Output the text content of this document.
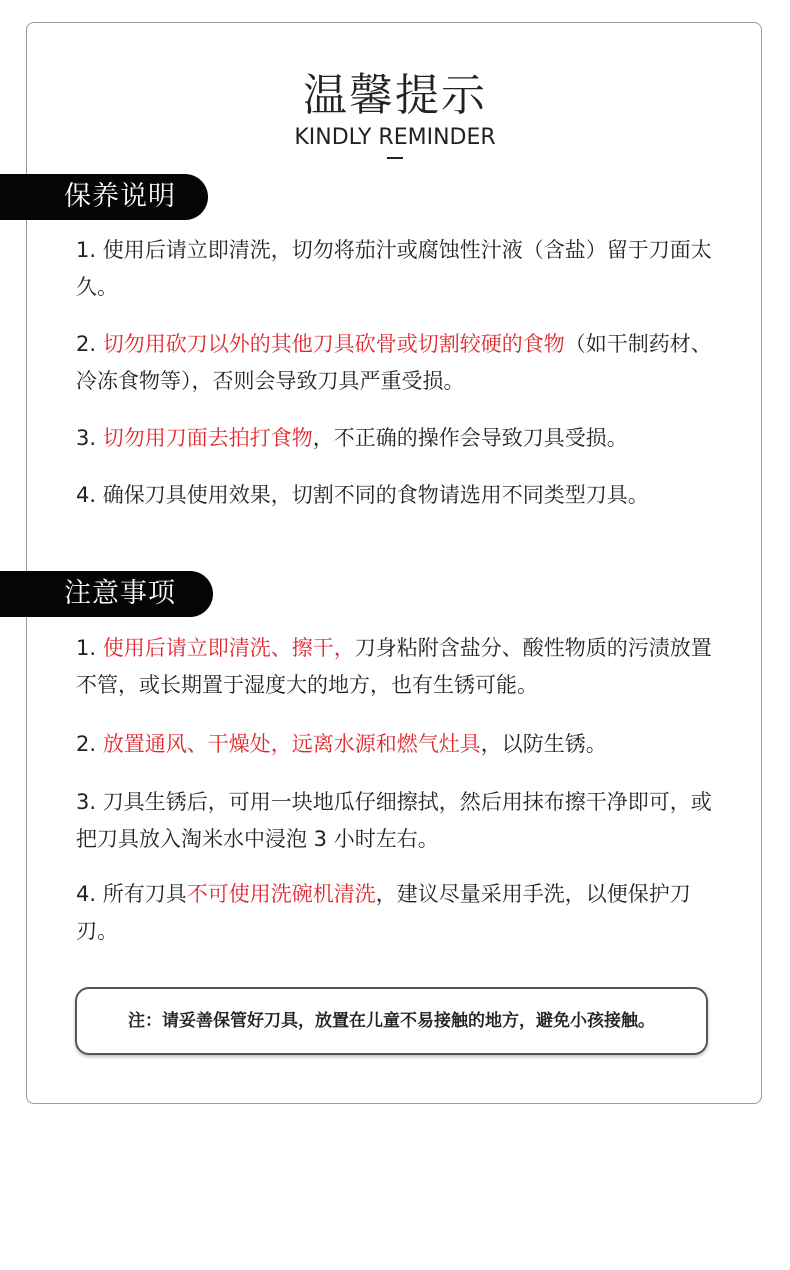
温馨提示
KINDLY REMINDER
保养说明

1. 使用后请立即清洗，切勿将茄汁或腐蚀性汁液（含盐）留于刀面太久。

2. 切勿用砍刀以外的其他刀具砍骨或切割较硬的食物（如干制药材、冷冻食物等），否则会导致刀具严重受损。

3. 切勿用刀面去拍打食物，不正确的操作会导致刀具受损。

4. 确保刀具使用效果，切割不同的食物请选用不同类型刀具。

注意事项

1. 使用后请立即清洗、擦干，刀身粘附含盐分、酸性物质的污渍放置不管，或长期置于湿度大的地方，也有生锈可能。

2. 放置通风、干燥处，远离水源和燃气灶具，以防生锈。

3. 刀具生锈后，可用一块地瓜仔细擦拭，然后用抹布擦干净即可，或把刀具放入淘米水中浸泡 3 小时左右。

4. 所有刀具不可使用洗碗机清洗，建议尽量采用手洗，以便保护刀刃。

注：请妥善保管好刀具，放置在儿童不易接触的地方，避免小孩接触。
